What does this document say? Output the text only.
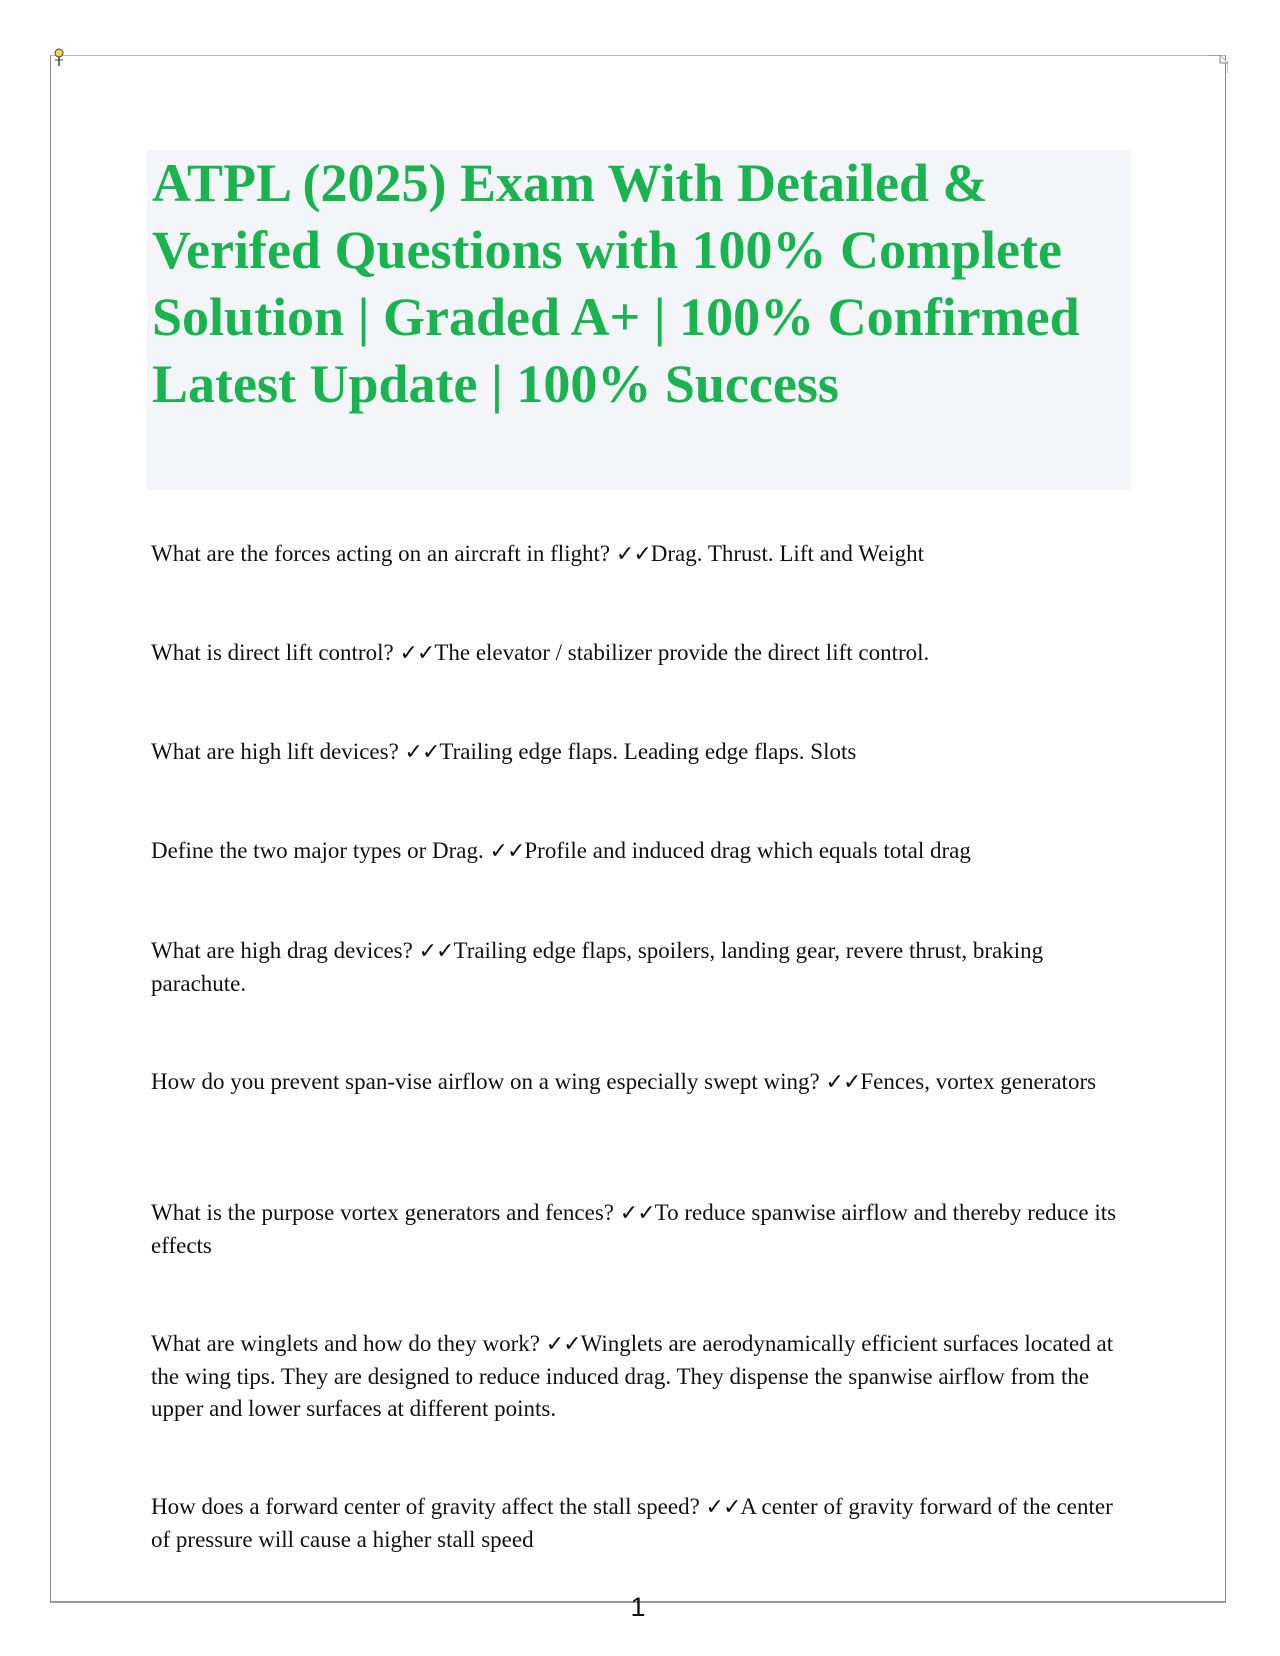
ATPL (2025) Exam With Detailed & Verifed Questions with 100% Complete Solution | Graded A+ | 100% Confirmed Latest Update | 100% Success
What are the forces acting on an aircraft in flight? ✓✓Drag. Thrust. Lift and Weight
What is direct lift control? ✓✓The elevator / stabilizer provide the direct lift control.
What are high lift devices? ✓✓Trailing edge flaps. Leading edge flaps. Slots
Define the two major types or Drag. ✓✓Profile and induced drag which equals total drag
What are high drag devices? ✓✓Trailing edge flaps, spoilers, landing gear, revere thrust, braking parachute.
How do you prevent span-vise airflow on a wing especially swept wing? ✓✓Fences, vortex generators
What is the purpose vortex generators and fences? ✓✓To reduce spanwise airflow and thereby reduce its effects
What are winglets and how do they work? ✓✓Winglets are aerodynamically efficient surfaces located at the wing tips. They are designed to reduce induced drag. They dispense the spanwise airflow from the upper and lower surfaces at different points.
How does a forward center of gravity affect the stall speed? ✓✓A center of gravity forward of the center of pressure will cause a higher stall speed
1
